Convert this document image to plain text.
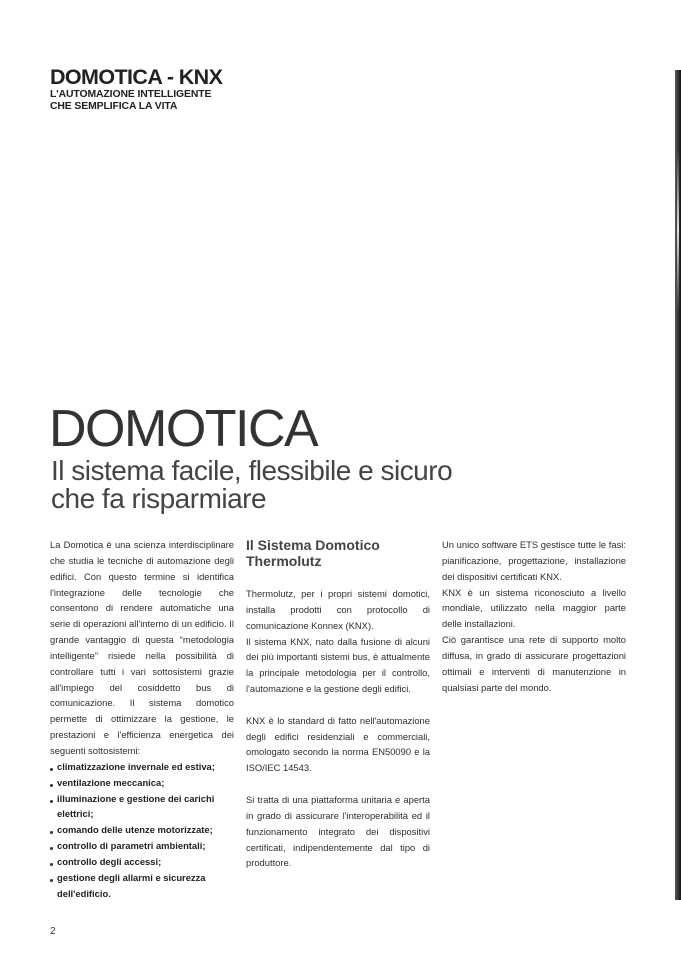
DOMOTICA - KNX
L'AUTOMAZIONE INTELLIGENTE
CHE SEMPLIFICA LA VITA
DOMOTICA
Il sistema facile, flessibile e sicuro
che fa risparmiare

La Domotica è una scienza interdisciplinare che studia le tecniche di automazione degli edifici. Con questo termine si identifica l'integrazione delle tecnologie che consentono di rendere automatiche una serie di operazioni all'interno di un edificio. Il grande vantaggio di questa “metodologia intelligente” risiede nella possibilità di controllare tutti i vari sottosistemi grazie all'impiego del cosiddetto bus di comunicazione. Il sistema domotico permette di ottimizzare la gestione, le prestazioni e l'efficienza energetica dei seguenti sottosistemi:

climatizzazione invernale ed estiva;
ventilazione meccanica;
illuminazione e gestione dei carichi elettrici;
comando delle utenze motorizzate;
controllo di parametri ambientali;
controllo degli accessi;
gestione degli allarmi e sicurezza dell'edificio.
Il Sistema Domotico
Thermolutz

Thermolutz, per i propri sistemi domotici, installa prodotti con protocollo di comunicazione Konnex (KNX).

Il sistema KNX, nato dalla fusione di alcuni dei più importanti sistemi bus, è attualmente la principale metodologia per il controllo, l'automazione e la gestione degli edifici.

KNX è lo standard di fatto nell'automazione degli edifici residenziali e commerciali, omologato secondo la norma EN50090 e la ISO/IEC 14543.

Si tratta di una piattaforma unitaria e aperta in grado di assicurare l'interoperabilità ed il funzionamento integrato dei dispositivi certificati, indipendentemente dal tipo di produttore.

Un unico software ETS gestisce tutte le fasi: pianificazione, progettazione, installazione dei dispositivi certificati KNX.

KNX è un sistema riconosciuto a livello mondiale, utilizzato nella maggior parte delle installazioni.

Ciò garantisce una rete di supporto molto diffusa, in grado di assicurare progettazioni ottimali e interventi di manutenzione in qualsiasi parte del mondo.

2
